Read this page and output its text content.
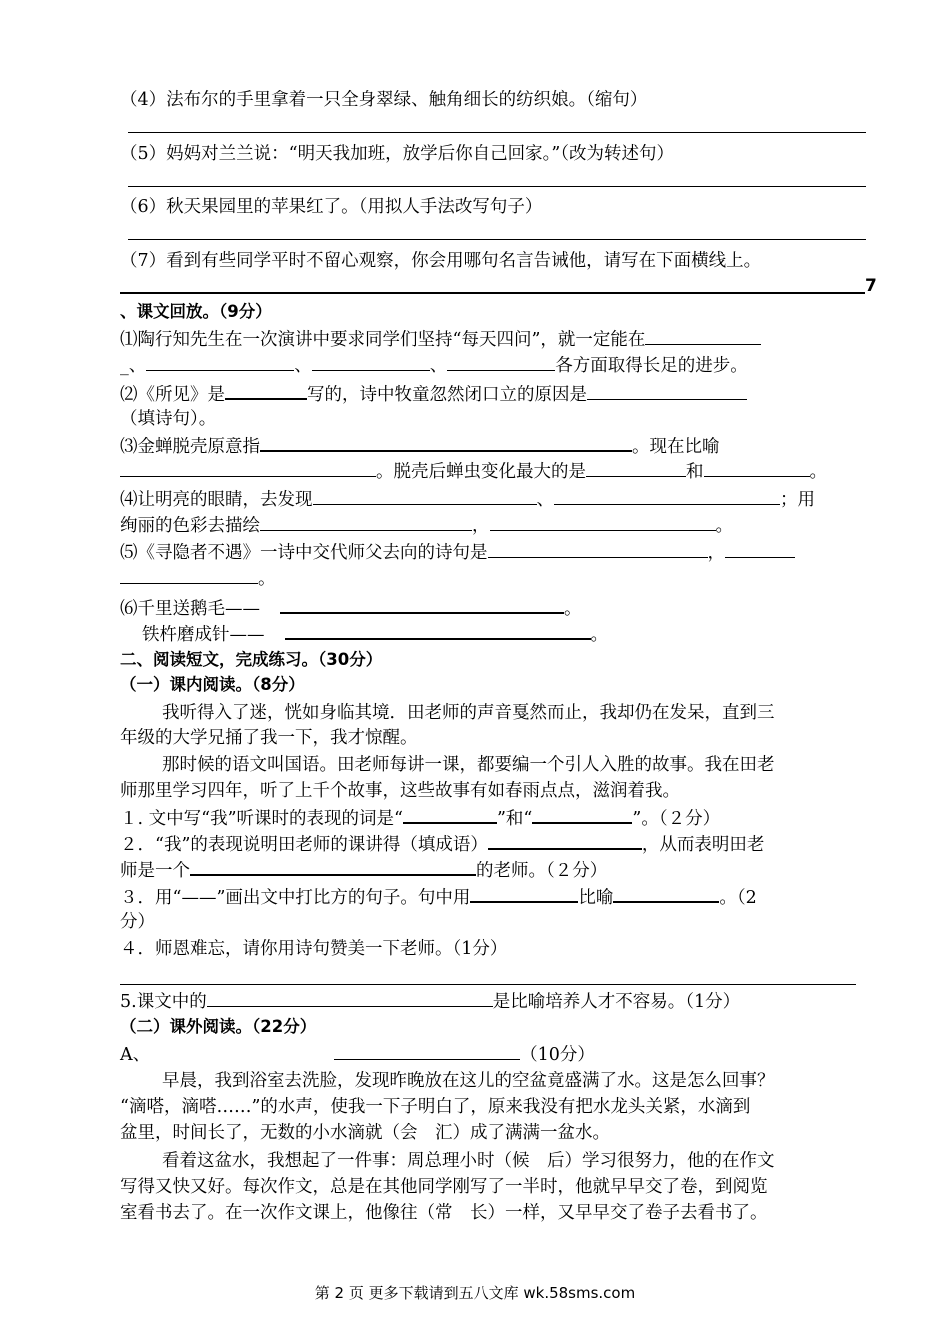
（4）法布尔的手里拿着一只全身翠绿、触角细长的纺织娘。（缩句）
（5）妈妈对兰兰说：“明天我加班，放学后你自己回家。”（改为转述句）
（6）秋天果园里的苹果红了。（用拟人手法改写句子）
（7）看到有些同学平时不留心观察，你会用哪句名言告诫他，请写在下面横线上。
7
、课文回放。（9分）
⑴陶行知先生在一次演讲中要求同学们坚持“每天四问”，就一定能在
_、	、	、	各方面取得长足的进步。
⑵《所见》是	写的，诗中牧童忽然闭口立的原因是
（填诗句）。
⑶金蝉脱壳原意指	。现在比喻
。脱壳后蝉虫变化最大的是	和	。
⑷让明亮的眼睛，去发现	、	；用
绚丽的色彩去描绘	，	。
⑸《寻隐者不遇》一诗中交代师父去向的诗句是	，
。
⑹千里送鹅毛——	。
铁杵磨成针——	。
二、阅读短文，完成练习。（30分）
（一）课内阅读。（8分）
我听得入了迷，恍如身临其境．田老师的声音戛然而止，我却仍在发呆，直到三
年级的大学兄捅了我一下，我才惊醒。
那时候的语文叫国语。田老师每讲一课，都要编一个引人入胜的故事。我在田老
师那里学习四年，听了上千个故事，这些故事有如春雨点点，滋润着我。
１. 文中写“我”听课时的表现的词是“	”和“	”。（２分）
２．“我”的表现说明田老师的课讲得（填成语）	，从而表明田老
师是一个	的老师。（２分）
３．用“——”画出文中打比方的句子。句中用	比喻	。（2
分）
４．师恩难忘，请你用诗句赞美一下老师。（1分）
5.课文中的	是比喻培养人才不容易。（1分）
（二）课外阅读。（22分）
A、	（10分）
早晨，我到浴室去洗脸，发现昨晚放在这儿的空盆竟盛满了水。这是怎么回事？
“滴嗒，滴嗒……”的水声，使我一下子明白了，原来我没有把水龙头关紧，水滴到
盆里，时间长了，无数的小水滴就（会　汇）成了满满一盆水。
看着这盆水，我想起了一件事：周总理小时（候　后）学习很努力，他的在作文
写得又快又好。每次作文，总是在其他同学刚写了一半时，他就早早交了卷，到阅览
室看书去了。在一次作文课上，他像往（常　长）一样，又早早交了卷子去看书了。
第 2 页 更多下载请到五八文库 wk.58sms.com
